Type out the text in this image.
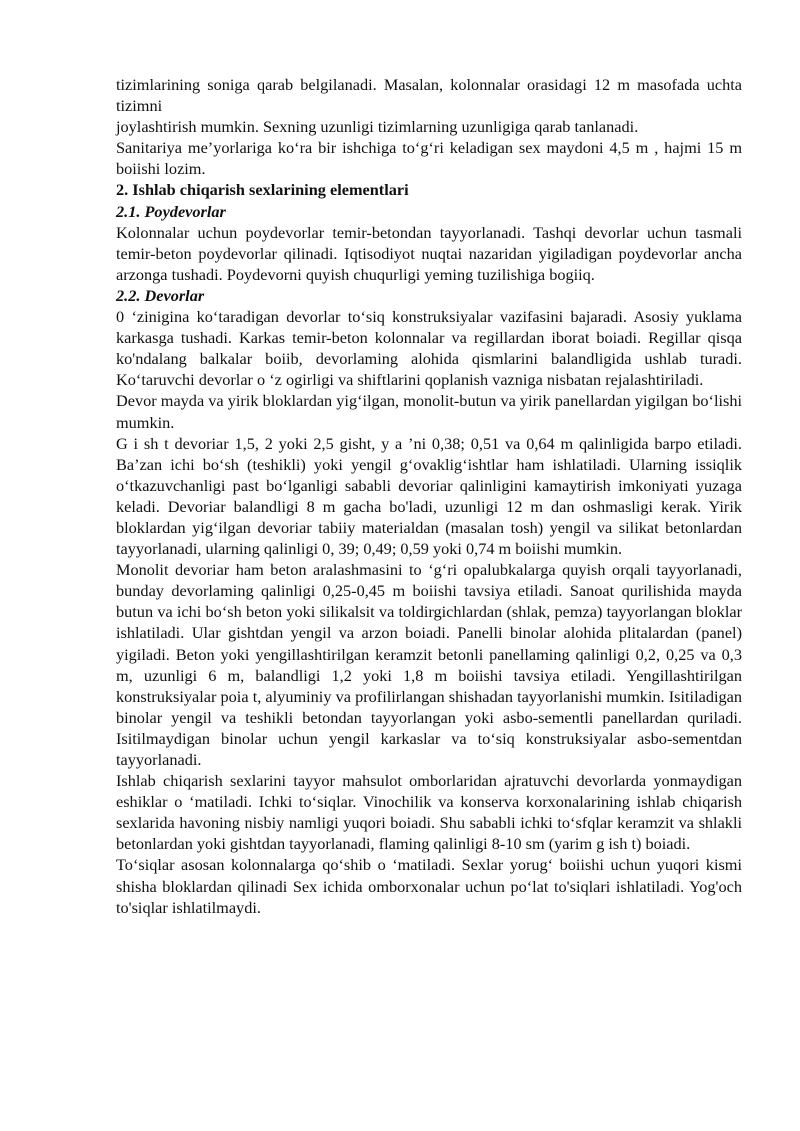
tizimlarining soniga qarab belgilanadi. Masalan, kolonnalar orasidagi 12 m masofada uchta tizimni

joylashtirish mumkin. Sexning uzunligi tizimlarning uzunligiga qarab tanlanadi.

Sanitariya me’yorlariga ko‘ra bir ishchiga to‘g‘ri keladigan sex maydoni 4,5 m , hajmi 15 m boiishi lozim.

2. Ishlab chiqarish sexlarining elementlari
2.1. Poydevorlar

Kolonnalar uchun poydevorlar temir-betondan tayyorlanadi. Tashqi devorlar uchun tasmali temir-beton poydevorlar qilinadi. Iqtisodiyot nuqtai nazaridan yigiladigan poydevorlar ancha arzonga tushadi. Poydevorni quyish chuqurligi yeming tuzilishiga bogiiq.

2.2. Devorlar

0 ‘zinigina ko‘taradigan devorlar to‘siq konstruksiyalar vazifasini bajaradi. Asosiy yuklama karkasga tushadi. Karkas temir-beton kolonnalar va regillardan iborat boiadi. Regillar qisqa ko'ndalang balkalar boiib, devorlaming alohida qismlarini balandligida ushlab turadi. Ko‘taruvchi devorlar o ‘z ogirligi va shiftlarini qoplanish vazniga nisbatan rejalashtiriladi.

Devor mayda va yirik bloklardan yig‘ilgan, monolit-butun va yirik panellardan yigilgan bo‘lishi mumkin.

G i sh t devoriar 1,5, 2 yoki 2,5 gisht, y a ’ni 0,38; 0,51 va 0,64 m qalinligida barpo etiladi. Ba’zan ichi bo‘sh (teshikli) yoki yengil g‘ovaklig‘ishtlar ham ishlatiladi. Ularning issiqlik o‘tkazuvchanligi past bo‘lganligi sababli devoriar qalinligini kamaytirish imkoniyati yuzaga keladi. Devoriar balandligi 8 m gacha bo'ladi, uzunligi 12 m dan oshmasligi kerak. Yirik bloklardan yig‘ilgan devoriar tabiiy materialdan (masalan tosh) yengil va silikat betonlardan tayyorlanadi, ularning qalinligi 0, 39; 0,49; 0,59 yoki 0,74 m boiishi mumkin.

Monolit devoriar ham beton aralashmasini to ‘g‘ri opalubkalarga quyish orqali tayyorlanadi, bunday devorlaming qalinligi 0,25-0,45 m boiishi tavsiya etiladi. Sanoat qurilishida mayda butun va ichi bo‘sh beton yoki silikalsit va toldirgichlardan (shlak, pemza) tayyorlangan bloklar ishlatiladi. Ular gishtdan yengil va arzon boiadi. Panelli binolar alohida plitalardan (panel) yigiladi. Beton yoki yengillashtirilgan keramzit betonli panellaming qalinligi 0,2, 0,25 va 0,3 m, uzunligi 6 m, balandligi 1,2 yoki 1,8 m boiishi tavsiya etiladi. Yengillashtirilgan konstruksiyalar poia t, alyuminiy va profilirlangan shishadan tayyorlanishi mumkin. Isitiladigan binolar yengil va teshikli betondan tayyorlangan yoki asbo-sementli panellardan quriladi. Isitilmaydigan binolar uchun yengil karkaslar va to‘siq konstruksiyalar asbo-sementdan tayyorlanadi.

Ishlab chiqarish sexlarini tayyor mahsulot omborlaridan ajratuvchi devorlarda yonmaydigan eshiklar o ‘matiladi. Ichki to‘siqlar. Vinochilik va konserva korxonalarining ishlab chiqarish sexlarida havoning nisbiy namligi yuqori boiadi. Shu sababli ichki to‘sfqlar keramzit va shlakli betonlardan yoki gishtdan tayyorlanadi, flaming qalinligi 8-10 sm (yarim g ish t) boiadi.

To‘siqlar asosan kolonnalarga qo‘shib o ‘matiladi. Sexlar yorug‘ boiishi uchun yuqori kismi shisha bloklardan qilinadi Sex ichida omborxonalar uchun po‘lat to'siqlari ishlatiladi. Yog'och to'siqlar ishlatilmaydi.
